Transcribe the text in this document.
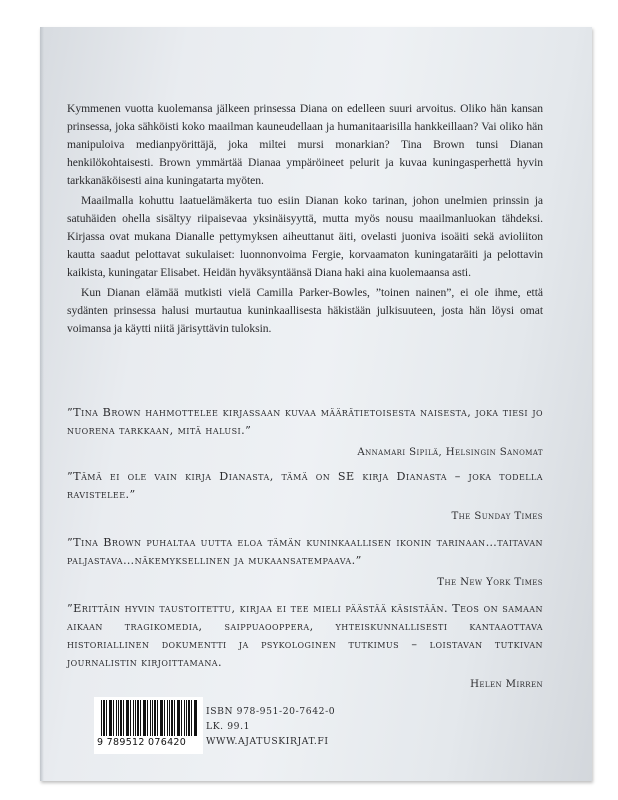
Kymmenen vuotta kuolemansa jälkeen prinsessa Diana on edelleen suuri arvoitus. Oliko hän kansan prinsessa, joka sähköisti koko maailman kauneudellaan ja humanitaarisilla hankkeillaan? Vai oliko hän manipuloiva medianpyörittäjä, joka miltei mursi monarkian? Tina Brown tunsi Dianan henkilökohtaisesti. Brown ymmärtää Dianaa ympäröineet pelurit ja kuvaa kuningasperhettä hyvin tarkkanäköisesti aina kuningatarta myöten.

Maailmalla kohuttu laatuelämäkerta tuo esiin Dianan koko tarinan, johon unelmien prinssin ja satuhäiden ohella sisältyy riipaisevaa yksinäisyyttä, mutta myös nousu maailmanluokan tähdeksi. Kirjassa ovat mukana Dianalle pettymyksen aiheuttanut äiti, ovelasti juoniva isoäiti sekä avioliiton kautta saadut pelottavat sukulaiset: luonnonvoima Fergie, korvaamaton kuningataräiti ja pelottavin kaikista, kuningatar Elisabet. Heidän hyväksyntäänsä Diana haki aina kuolemaansa asti.

Kun Dianan elämää mutkisti vielä Camilla Parker-Bowles, ”toinen nainen”, ei ole ihme, että sydänten prinsessa halusi murtautua kuninkaallisesta häkistään julkisuuteen, josta hän löysi omat voimansa ja käytti niitä järisyttävin tuloksin.

”Tina Brown hahmottelee kirjassaan kuvaa määrätietoisesta naisesta, joka tiesi jo nuorena tarkkaan, mitä halusi.”
Annamari Sipilä, Helsingin Sanomat
”Tämä ei ole vain kirja Dianasta, tämä on SE kirja Dianasta – joka todella ravistelee.”
The Sunday Times
”Tina Brown puhaltaa uutta eloa tämän kuninkaallisen ikonin tarinaan…taitavan paljastava…näkemyksellinen ja mukaansatempaava.”
The New York Times
”Erittäin hyvin taustoitettu, kirjaa ei tee mieli päästää käsistään. Teos on samaan aikaan tragikomedia, saippuaooppera, yhteiskunnallisesti kantaaottava historiallinen dokumentti ja psykologinen tutkimus – loistavan tutkivan journalistin kirjoittamana.
Helen Mirren
9 789512 076420
ISBN 978-951-20-7642-0
LK. 99.1
WWW.AJATUSKIRJAT.FI
